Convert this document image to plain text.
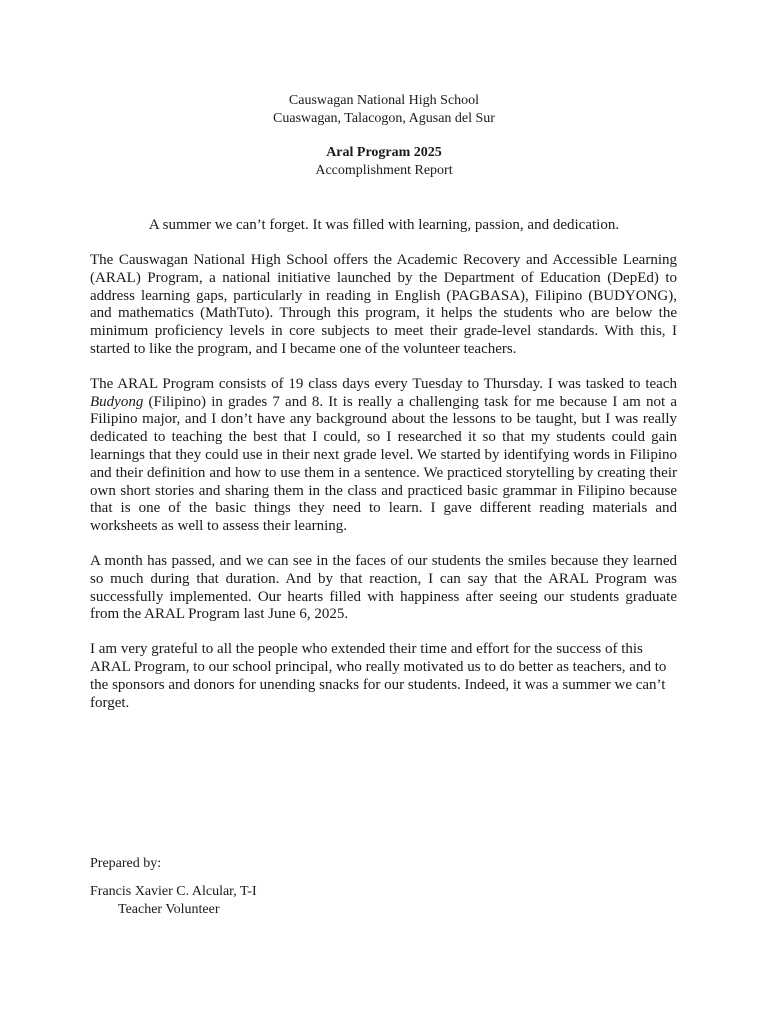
Causwagan National High School
Cuaswagan, Talacogon, Agusan del Sur
Aral Program 2025
Accomplishment Report
A summer we can’t forget. It was filled with learning, passion, and dedication.

The Causwagan National High School offers the Academic Recovery and Accessible Learning (ARAL) Program, a national initiative launched by the Department of Education (DepEd) to address learning gaps, particularly in reading in English (PAGBASA), Filipino (BUDYONG), and mathematics (MathTuto). Through this program, it helps the students who are below the minimum proficiency levels in core subjects to meet their grade-level standards. With this, I started to like the program, and I became one of the volunteer teachers.

The ARAL Program consists of 19 class days every Tuesday to Thursday. I was tasked to teach Budyong (Filipino) in grades 7 and 8. It is really a challenging task for me because I am not a Filipino major, and I don’t have any background about the lessons to be taught, but I was really dedicated to teaching the best that I could, so I researched it so that my students could gain learnings that they could use in their next grade level. We started by identifying words in Filipino and their definition and how to use them in a sentence. We practiced storytelling by creating their own short stories and sharing them in the class and practiced basic grammar in Filipino because that is one of the basic things they need to learn. I gave different reading materials and worksheets as well to assess their learning.

A month has passed, and we can see in the faces of our students the smiles because they learned so much during that duration. And by that reaction, I can say that the ARAL Program was successfully implemented. Our hearts filled with happiness after seeing our students graduate from the ARAL Program last June 6, 2025.

I am very grateful to all the people who extended their time and effort for the success of this ARAL Program, to our school principal, who really motivated us to do better as teachers, and to the sponsors and donors for unending snacks for our students. Indeed, it was a summer we can’t forget.

Prepared by:
Francis Xavier C. Alcular, T-I
Teacher Volunteer
